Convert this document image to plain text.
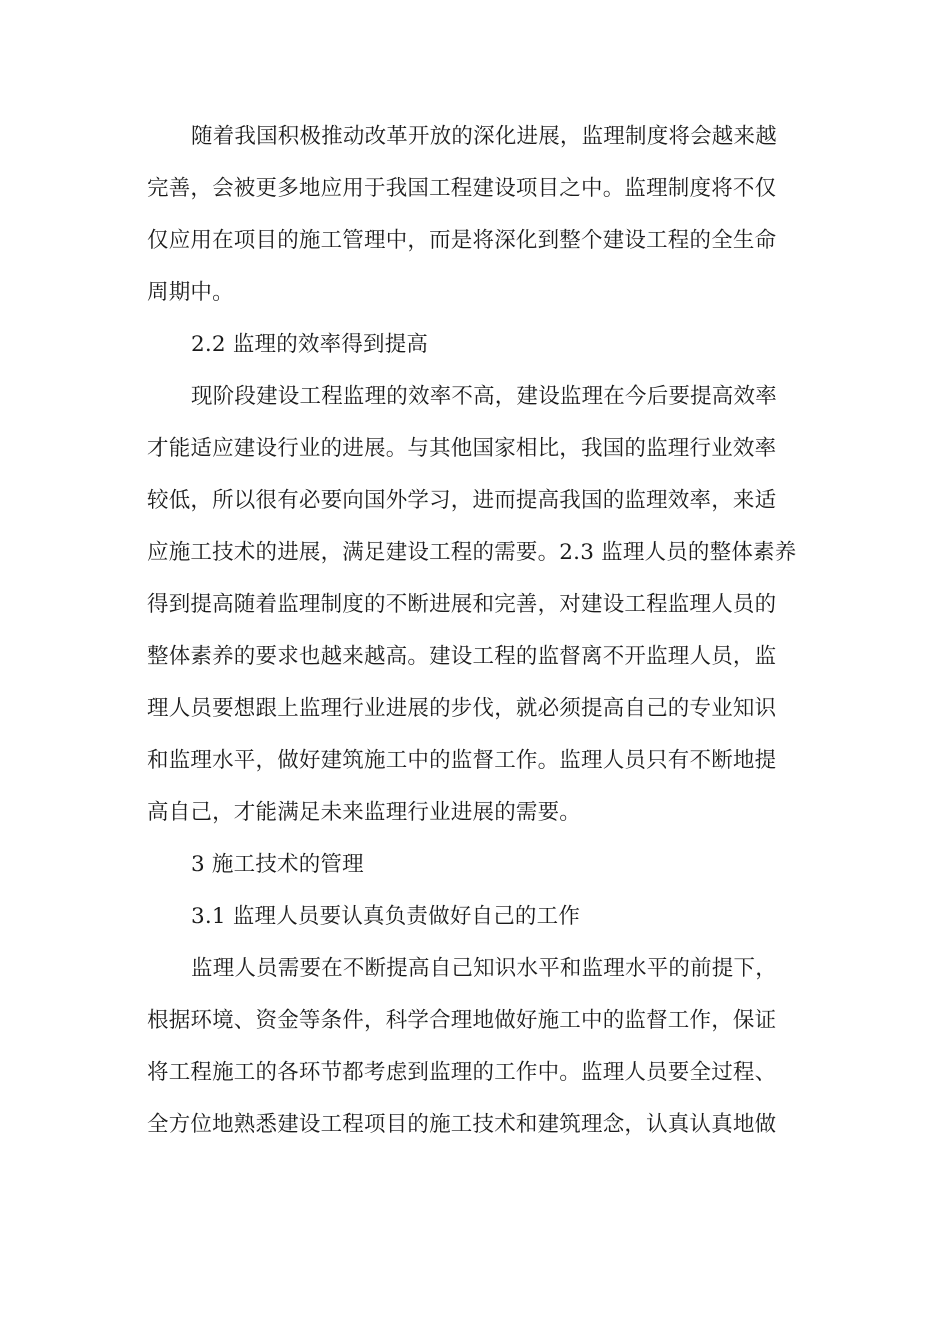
随着我国积极推动改革开放的深化进展，监理制度将会越来越
完善，会被更多地应用于我国工程建设项目之中。监理制度将不仅
仅应用在项目的施工管理中，而是将深化到整个建设工程的全生命
周期中。
2.2 监理的效率得到提高
现阶段建设工程监理的效率不高，建设监理在今后要提高效率
才能适应建设行业的进展。与其他国家相比，我国的监理行业效率
较低，所以很有必要向国外学习，进而提高我国的监理效率，来适
应施工技术的进展，满足建设工程的需要。2.3 监理人员的整体素养
得到提高随着监理制度的不断进展和完善，对建设工程监理人员的
整体素养的要求也越来越高。建设工程的监督离不开监理人员，监
理人员要想跟上监理行业进展的步伐，就必须提高自己的专业知识
和监理水平，做好建筑施工中的监督工作。监理人员只有不断地提
高自己，才能满足未来监理行业进展的需要。
3 施工技术的管理
3.1 监理人员要认真负责做好自己的工作
监理人员需要在不断提高自己知识水平和监理水平的前提下，
根据环境、资金等条件，科学合理地做好施工中的监督工作，保证
将工程施工的各环节都考虑到监理的工作中。监理人员要全过程、
全方位地熟悉建设工程项目的施工技术和建筑理念，认真认真地做
